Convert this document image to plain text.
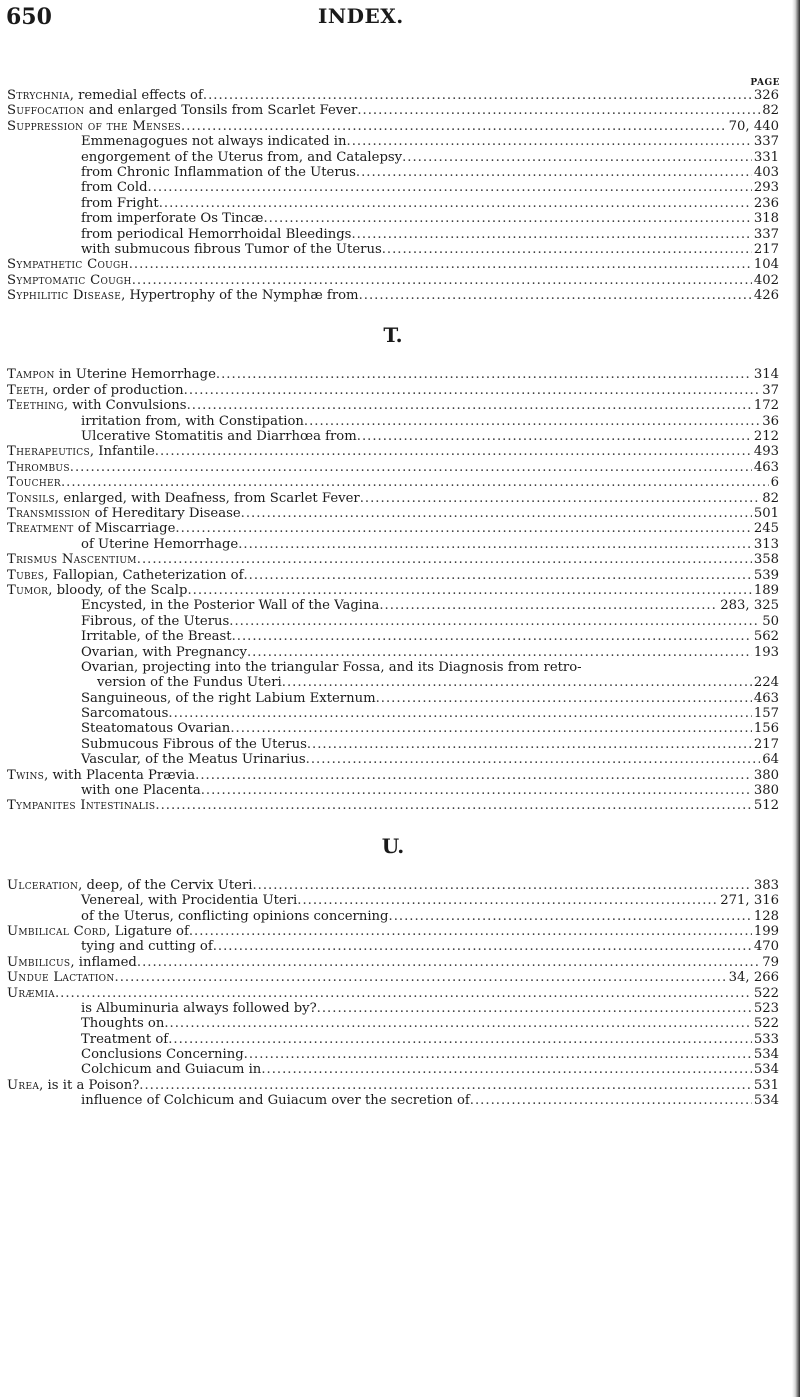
650	INDEX.
PAGE
Strychnia, remedial effects of .....	326
Suffocation and enlarged Tonsils from Scarlet Fever .....	82
Suppression of the Menses .....	70, 440
Emmenagogues not always indicated in .....	337
engorgement of the Uterus from, and Catalepsy .....	331
from Chronic Inflammation of the Uterus .....	403
from Cold .....	293
from Fright .....	236
from imperforate Os Tincæ .....	318
from periodical Hemorrhoidal Bleedings .....	337
with submucous fibrous Tumor of the Uterus .....	217
Sympathetic Cough .....	104
Symptomatic Cough .....	402
Syphilitic Disease, Hypertrophy of the Nymphæ from .....	426
T.
Tampon in Uterine Hemorrhage .....	314
Teeth, order of production .....	37
Teething, with Convulsions .....	172
irritation from, with Constipation .....	36
Ulcerative Stomatitis and Diarrhœa from .....	212
Therapeutics, Infantile .....	493
Thrombus .....	463
Toucher .....	6
Tonsils, enlarged, with Deafness, from Scarlet Fever .....	82
Transmission of Hereditary Disease .....	501
Treatment of Miscarriage .....	245
of Uterine Hemorrhage .....	313
Trismus Nascentium .....	358
Tubes, Fallopian, Catheterization of .....	539
Tumor, bloody, of the Scalp .....	189
Encysted, in the Posterior Wall of the Vagina .....	283, 325
Fibrous, of the Uterus .....	50
Irritable, of the Breast .....	562
Ovarian, with Pregnancy .....	193
Ovarian, projecting into the triangular Fossa, and its Diagnosis from retro-
version of the Fundus Uteri .....	224
Sanguineous, of the right Labium Externum .....	463
Sarcomatous .....	157
Steatomatous Ovarian .....	156
Submucous Fibrous of the Uterus .....	217
Vascular, of the Meatus Urinarius .....	64
Twins, with Placenta Prævia .....	380
with one Placenta .....	380
Tympanites Intestinalis .....	512
U.
Ulceration, deep, of the Cervix Uteri .....	383
Venereal, with Procidentia Uteri .....	271, 316
of the Uterus, conflicting opinions concerning .....	128
Umbilical Cord, Ligature of .....	199
tying and cutting of .....	470
Umbilicus, inflamed .....	79
Undue Lactation .....	34, 266
Uræmia .....	522
is Albuminuria always followed by? .....	523
Thoughts on .....	522
Treatment of .....	533
Conclusions Concerning .....	534
Colchicum and Guiacum in .....	534
Urea, is it a Poison? .....	531
influence of Colchicum and Guiacum over the secretion of .....	534
